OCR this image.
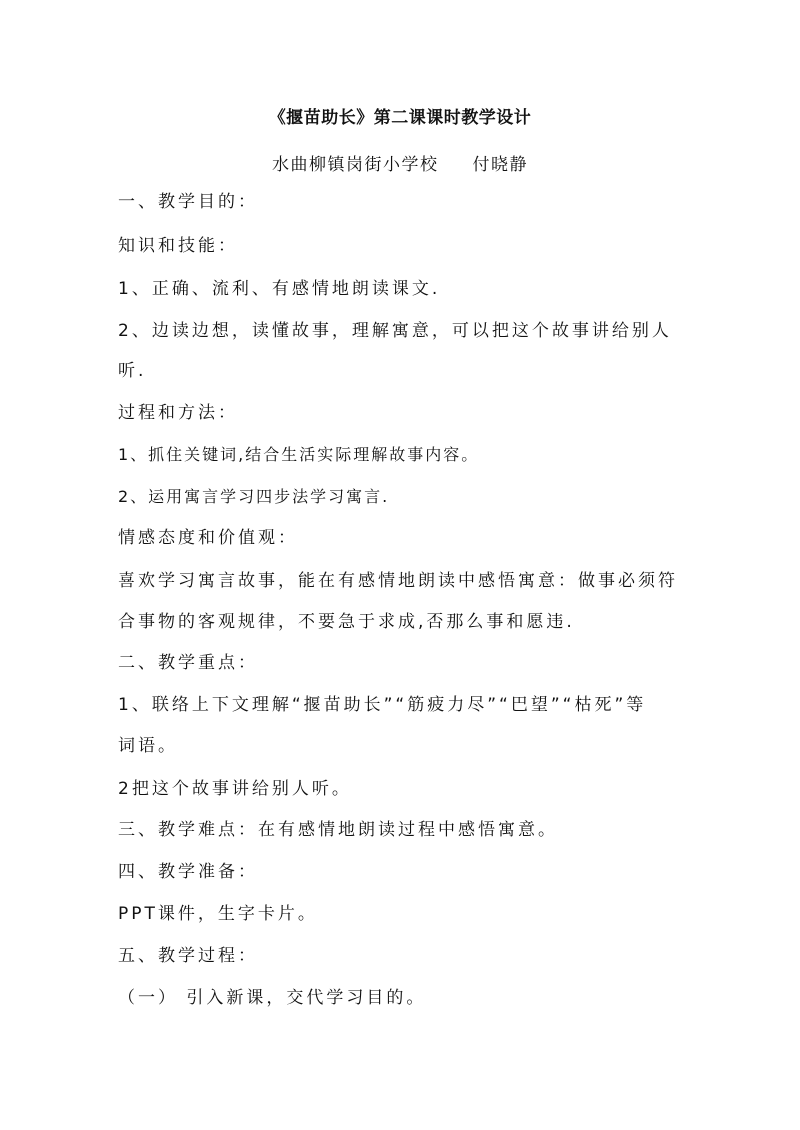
《揠苗助长》第二课课时教学设计
水曲柳镇岗街小学校 付晓静
一、教学目的：
知识和技能：
1、正确、流利、有感情地朗读课文.
2、边读边想，读懂故事，理解寓意，可以把这个故事讲给别人
听.
过程和方法：
1、抓住关键词,结合生活实际理解故事内容。
2、运用寓言学习四步法学习寓言.
情感态度和价值观：
喜欢学习寓言故事，能在有感情地朗读中感悟寓意：做事必须符
合事物的客观规律，不要急于求成,否那么事和愿违.
二、教学重点：
1、联络上下文理解“揠苗助长”“筋疲力尽”“巴望”“枯死”等
词语。
2把这个故事讲给别人听。
三、教学难点：在有感情地朗读过程中感悟寓意。
四、教学准备：
PPT课件，生字卡片。
五、教学过程：
（一） 引入新课，交代学习目的。
